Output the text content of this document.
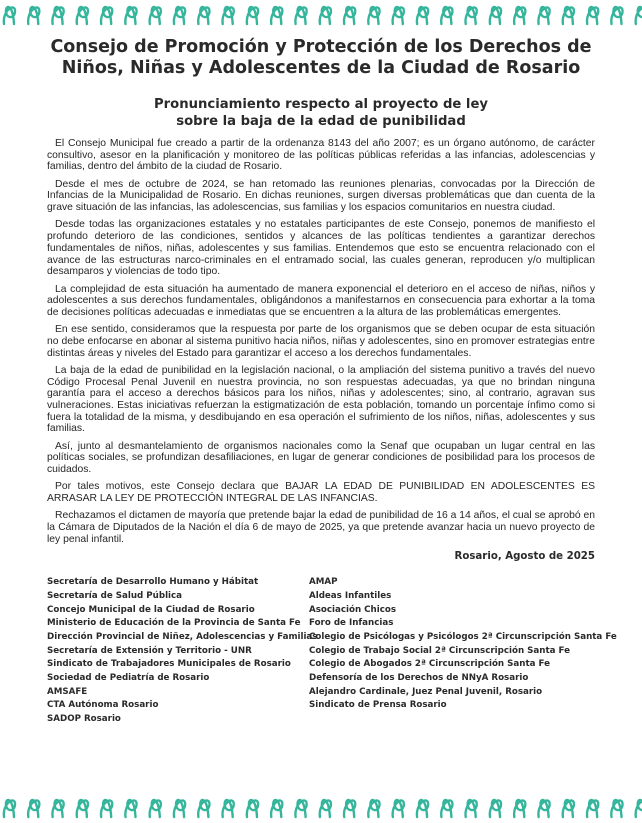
Consejo de Promoción y Protección de los Derechos de
Niños, Niñas y Adolescentes de la Ciudad de Rosario
Pronunciamiento respecto al proyecto de ley
sobre la baja de la edad de punibilidad

El Consejo Municipal fue creado a partir de la ordenanza 8143 del año 2007; es un órgano autónomo, de carácter consultivo, asesor en la planificación y monitoreo de las políticas públicas referidas a las infancias, adolescencias y familias, dentro del ámbito de la ciudad de Rosario.

Desde el mes de octubre de 2024, se han retomado las reuniones plenarias, convocadas por la Dirección de Infancias de la Municipalidad de Rosario. En dichas reuniones, surgen diversas problemáticas que dan cuenta de la grave situación de las infancias, las adolescencias, sus familias y los espacios comunitarios en nuestra ciudad.

Desde todas las organizaciones estatales y no estatales participantes de este Consejo, ponemos de manifiesto el profundo deterioro de las condiciones, sentidos y alcances de las políticas tendientes a garantizar derechos fundamentales de niños, niñas, adolescentes y sus familias. Entendemos que esto se encuentra relacionado con el avance de las estructuras narco-criminales en el entramado social, las cuales generan, reproducen y/o multiplican desamparos y violencias de todo tipo.

La complejidad de esta situación ha aumentado de manera exponencial el deterioro en el acceso de niñas, niños y adolescentes a sus derechos fundamentales, obligándonos a manifestarnos en consecuencia para exhortar a la toma de decisiones políticas adecuadas e inmediatas que se encuentren a la altura de las problemáticas emergentes.

En ese sentido, consideramos que la respuesta por parte de los organismos que se deben ocupar de esta situación no debe enfocarse en abonar al sistema punitivo hacia niños, niñas y adolescentes, sino en promover estrategias entre distintas áreas y niveles del Estado para garantizar el acceso a los derechos fundamentales.

La baja de la edad de punibilidad en la legislación nacional, o la ampliación del sistema punitivo a través del nuevo Código Procesal Penal Juvenil en nuestra provincia, no son respuestas adecuadas, ya que no brindan ninguna garantía para el acceso a derechos básicos para los niños, niñas y adolescentes; sino, al contrario, agravan sus vulneraciones. Estas iniciativas refuerzan la estigmatización de esta población, tomando un porcentaje ínfimo como si fuera la totalidad de la misma, y desdibujando en esa operación el sufrimiento de los niños, niñas, adolescentes y sus familias.

Así, junto al desmantelamiento de organismos nacionales como la Senaf que ocupaban un lugar central en las políticas sociales, se profundizan desafiliaciones, en lugar de generar condiciones de posibilidad para los procesos de cuidados.

Por tales motivos, este Consejo declara que BAJAR LA EDAD DE PUNIBILIDAD EN ADOLESCENTES ES ARRASAR LA LEY DE PROTECCIÓN INTEGRAL DE LAS INFANCIAS.

Rechazamos el dictamen de mayoría que pretende bajar la edad de punibilidad de 16 a 14 años, el cual se aprobó en la Cámara de Diputados de la Nación el día 6 de mayo de 2025, ya que pretende avanzar hacia un nuevo proyecto de ley penal infantil.

Rosario, Agosto de 2025
Secretaría de Desarrollo Humano y Hábitat
Secretaría de Salud Pública
Concejo Municipal de la Ciudad de Rosario
Ministerio de Educación de la Provincia de Santa Fe
Dirección Provincial de Niñez, Adolescencias y Familias
Secretaría de Extensión y Territorio - UNR
Sindicato de Trabajadores Municipales de Rosario
Sociedad de Pediatría de Rosario
AMSAFE
CTA Autónoma Rosario
SADOP Rosario
AMAP
Aldeas Infantiles
Asociación Chicos
Foro de Infancias
Colegio de Psicólogas y Psicólogos 2ª Circunscripción Santa Fe
Colegio de Trabajo Social 2ª Circunscripción Santa Fe
Colegio de Abogados 2ª Circunscripción Santa Fe
Defensoría de los Derechos de NNyA Rosario
Alejandro Cardinale, Juez Penal Juvenil, Rosario
Sindicato de Prensa Rosario
